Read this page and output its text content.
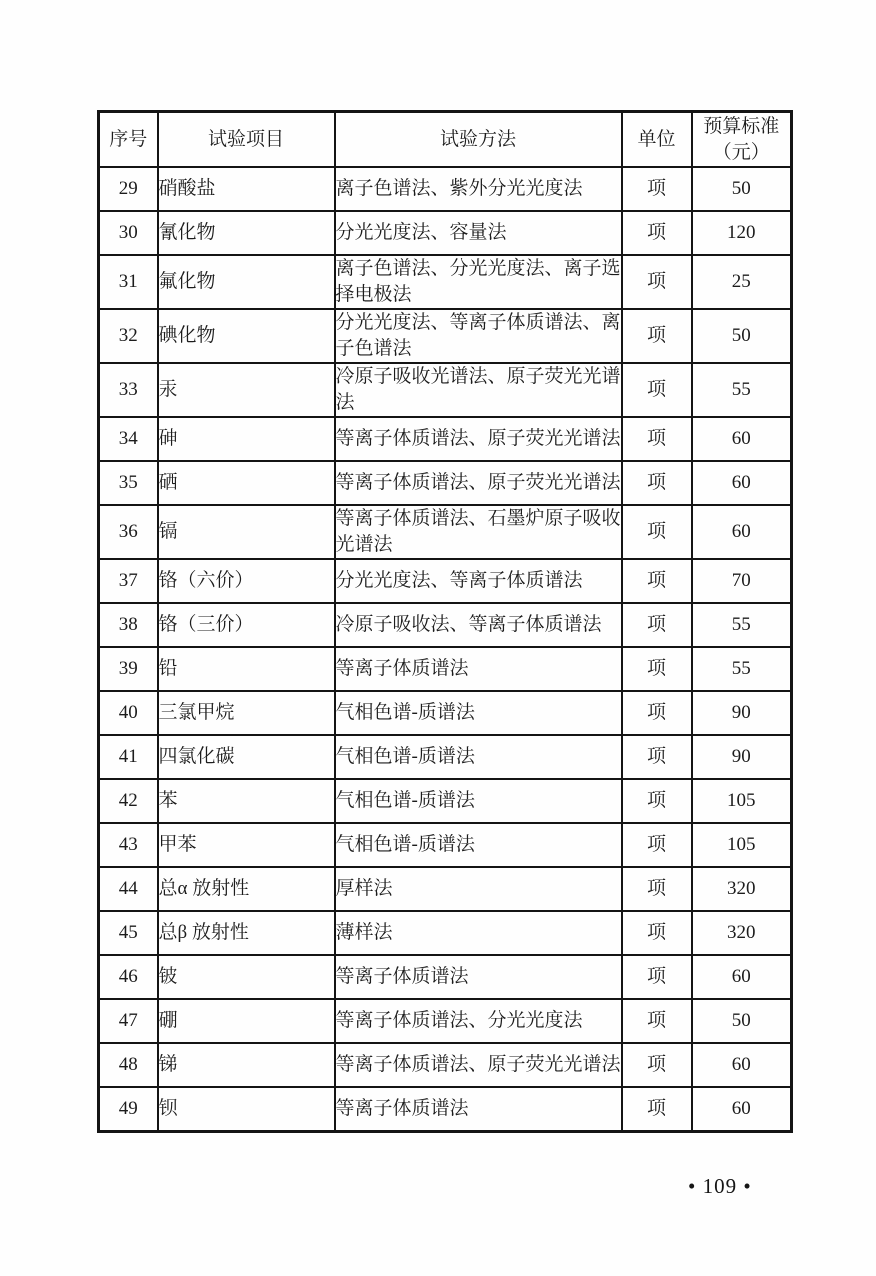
序号	试验项目	试验方法	单位	预算标准
（元）
29	硝酸盐	离子色谱法、紫外分光光度法	项	50
30	氰化物	分光光度法、容量法	项	120
31	氟化物	离子色谱法、分光光度法、离子选择电极法	项	25
32	碘化物	分光光度法、等离子体质谱法、离子色谱法	项	50
33	汞	冷原子吸收光谱法、原子荧光光谱法	项	55
34	砷	等离子体质谱法、原子荧光光谱法	项	60
35	硒	等离子体质谱法、原子荧光光谱法	项	60
36	镉	等离子体质谱法、石墨炉原子吸收光谱法	项	60
37	铬（六价）	分光光度法、等离子体质谱法	项	70
38	铬（三价）	冷原子吸收法、等离子体质谱法	项	55
39	铅	等离子体质谱法	项	55
40	三氯甲烷	气相色谱-质谱法	项	90
41	四氯化碳	气相色谱-质谱法	项	90
42	苯	气相色谱-质谱法	项	105
43	甲苯	气相色谱-质谱法	项	105
44	总α 放射性	厚样法	项	320
45	总β 放射性	薄样法	项	320
46	铍	等离子体质谱法	项	60
47	硼	等离子体质谱法、分光光度法	项	50
48	锑	等离子体质谱法、原子荧光光谱法	项	60
49	钡	等离子体质谱法	项	60
• 109 •
